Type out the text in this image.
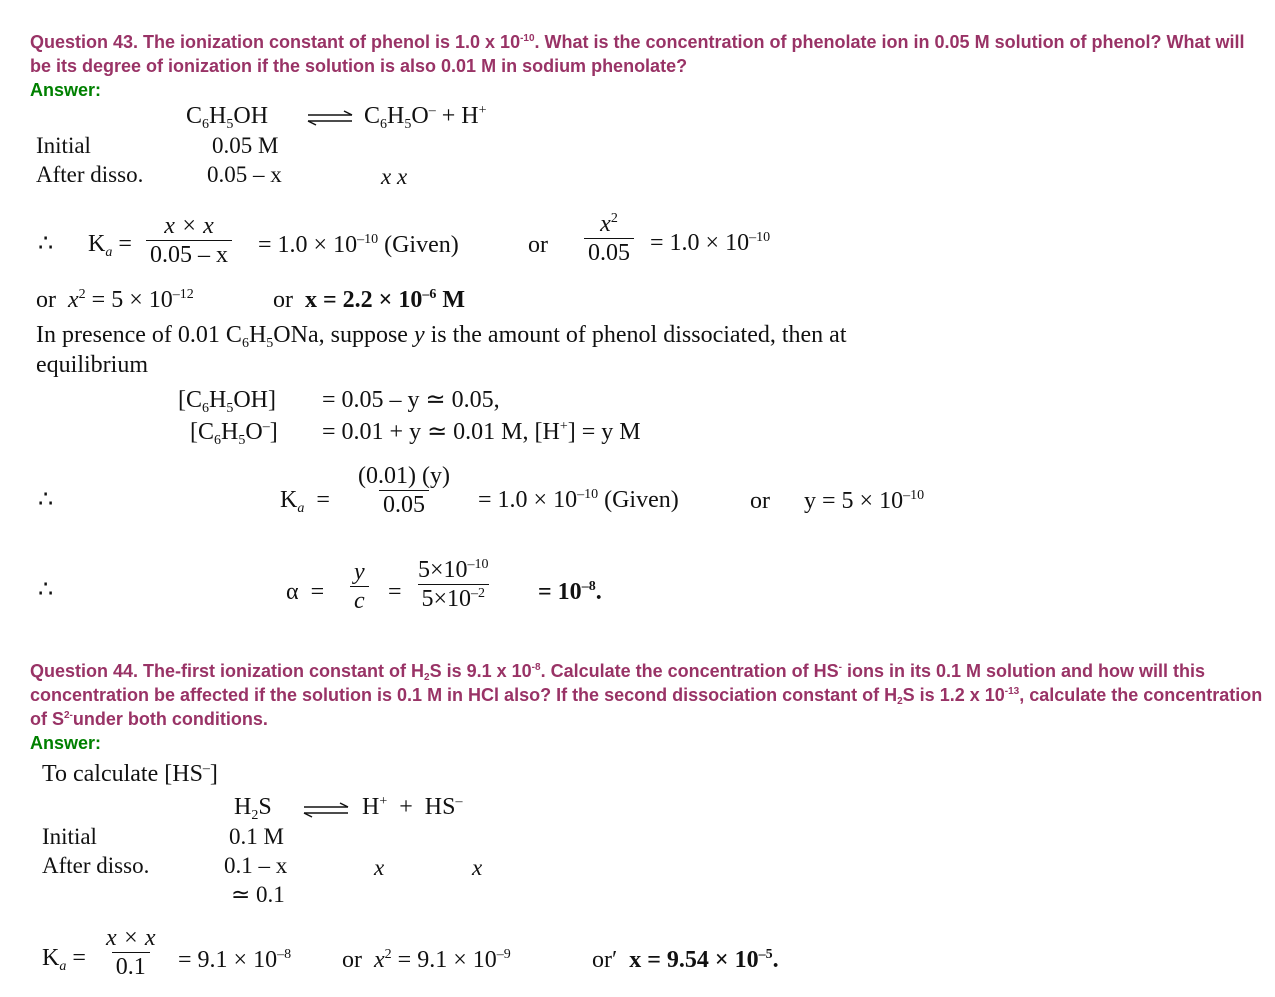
Question 43. The ionization constant of phenol is 1.0 x $10^{-10}$. What is the concentration of phenolate ion in 0.05 M solution of phenol? What will be its degree of ionization if the solution is also 0.01 M in sodium phenolate?
Answer:
$C_6H_5OH$ ⇌ $C_6H_5O^- + H^+$
Initial	0.05 M
After disso.	0.05 – x	x x
∴ $K_a = \frac{x \times x}{0.05 - x} = 1.0 \times 10^{-10}$ (Given)	or $\frac{x^2}{0.05} = 1.0 \times 10^{-10}$
or  $x^2 = 5 \times 10^{-12}$	or  $x = 2.2 \times 10^{-6}$ M
In presence of 0.01 $C_6H_5ONa$, suppose y is the amount of phenol dissociated, then at
equilibrium
$[C_6H_5OH] = 0.05 - y$ ≃ 0.05,
$[C_6H_5O^-] = 0.01 + y$ ≃ 0.01 M, [H+] = y M
∴	$K_a = \frac{(0.01) (y)}{0.05} = 1.0 \times 10^{-10}$ (Given)	or $y = 5 \times 10^{-10}$
∴	$\alpha = \frac{y}{c} = \frac{5\times 10^{-10}}{5\times 10^{-2}} = 10^{-8}$.
Question 44. The-first ionization constant of H2S is 9.1 x $10^{-8}$. Calculate the concentration of HS- ions in its 0.1 M solution and how will this concentration be affected if the solution is 0.1 M in HCl also? If the second dissociation constant of H2S is 1.2 x $10^{-13}$, calculate the concentration of $S^{2-}under$ both conditions.
Answer:
To calculate [HS–]
$H_2S$ ⇌ H+  +  HS–
Initial	0.1 M
After disso.	0.1 – x	x	x
≃ 0.1
$K_a = \frac{x \times x}{0.1} = 9.1 \times 10^{-8}$ or $x^2 = 9.1 \times 10^{-9}$	or′  $x = 9.54 \times 10^{-5}$.
